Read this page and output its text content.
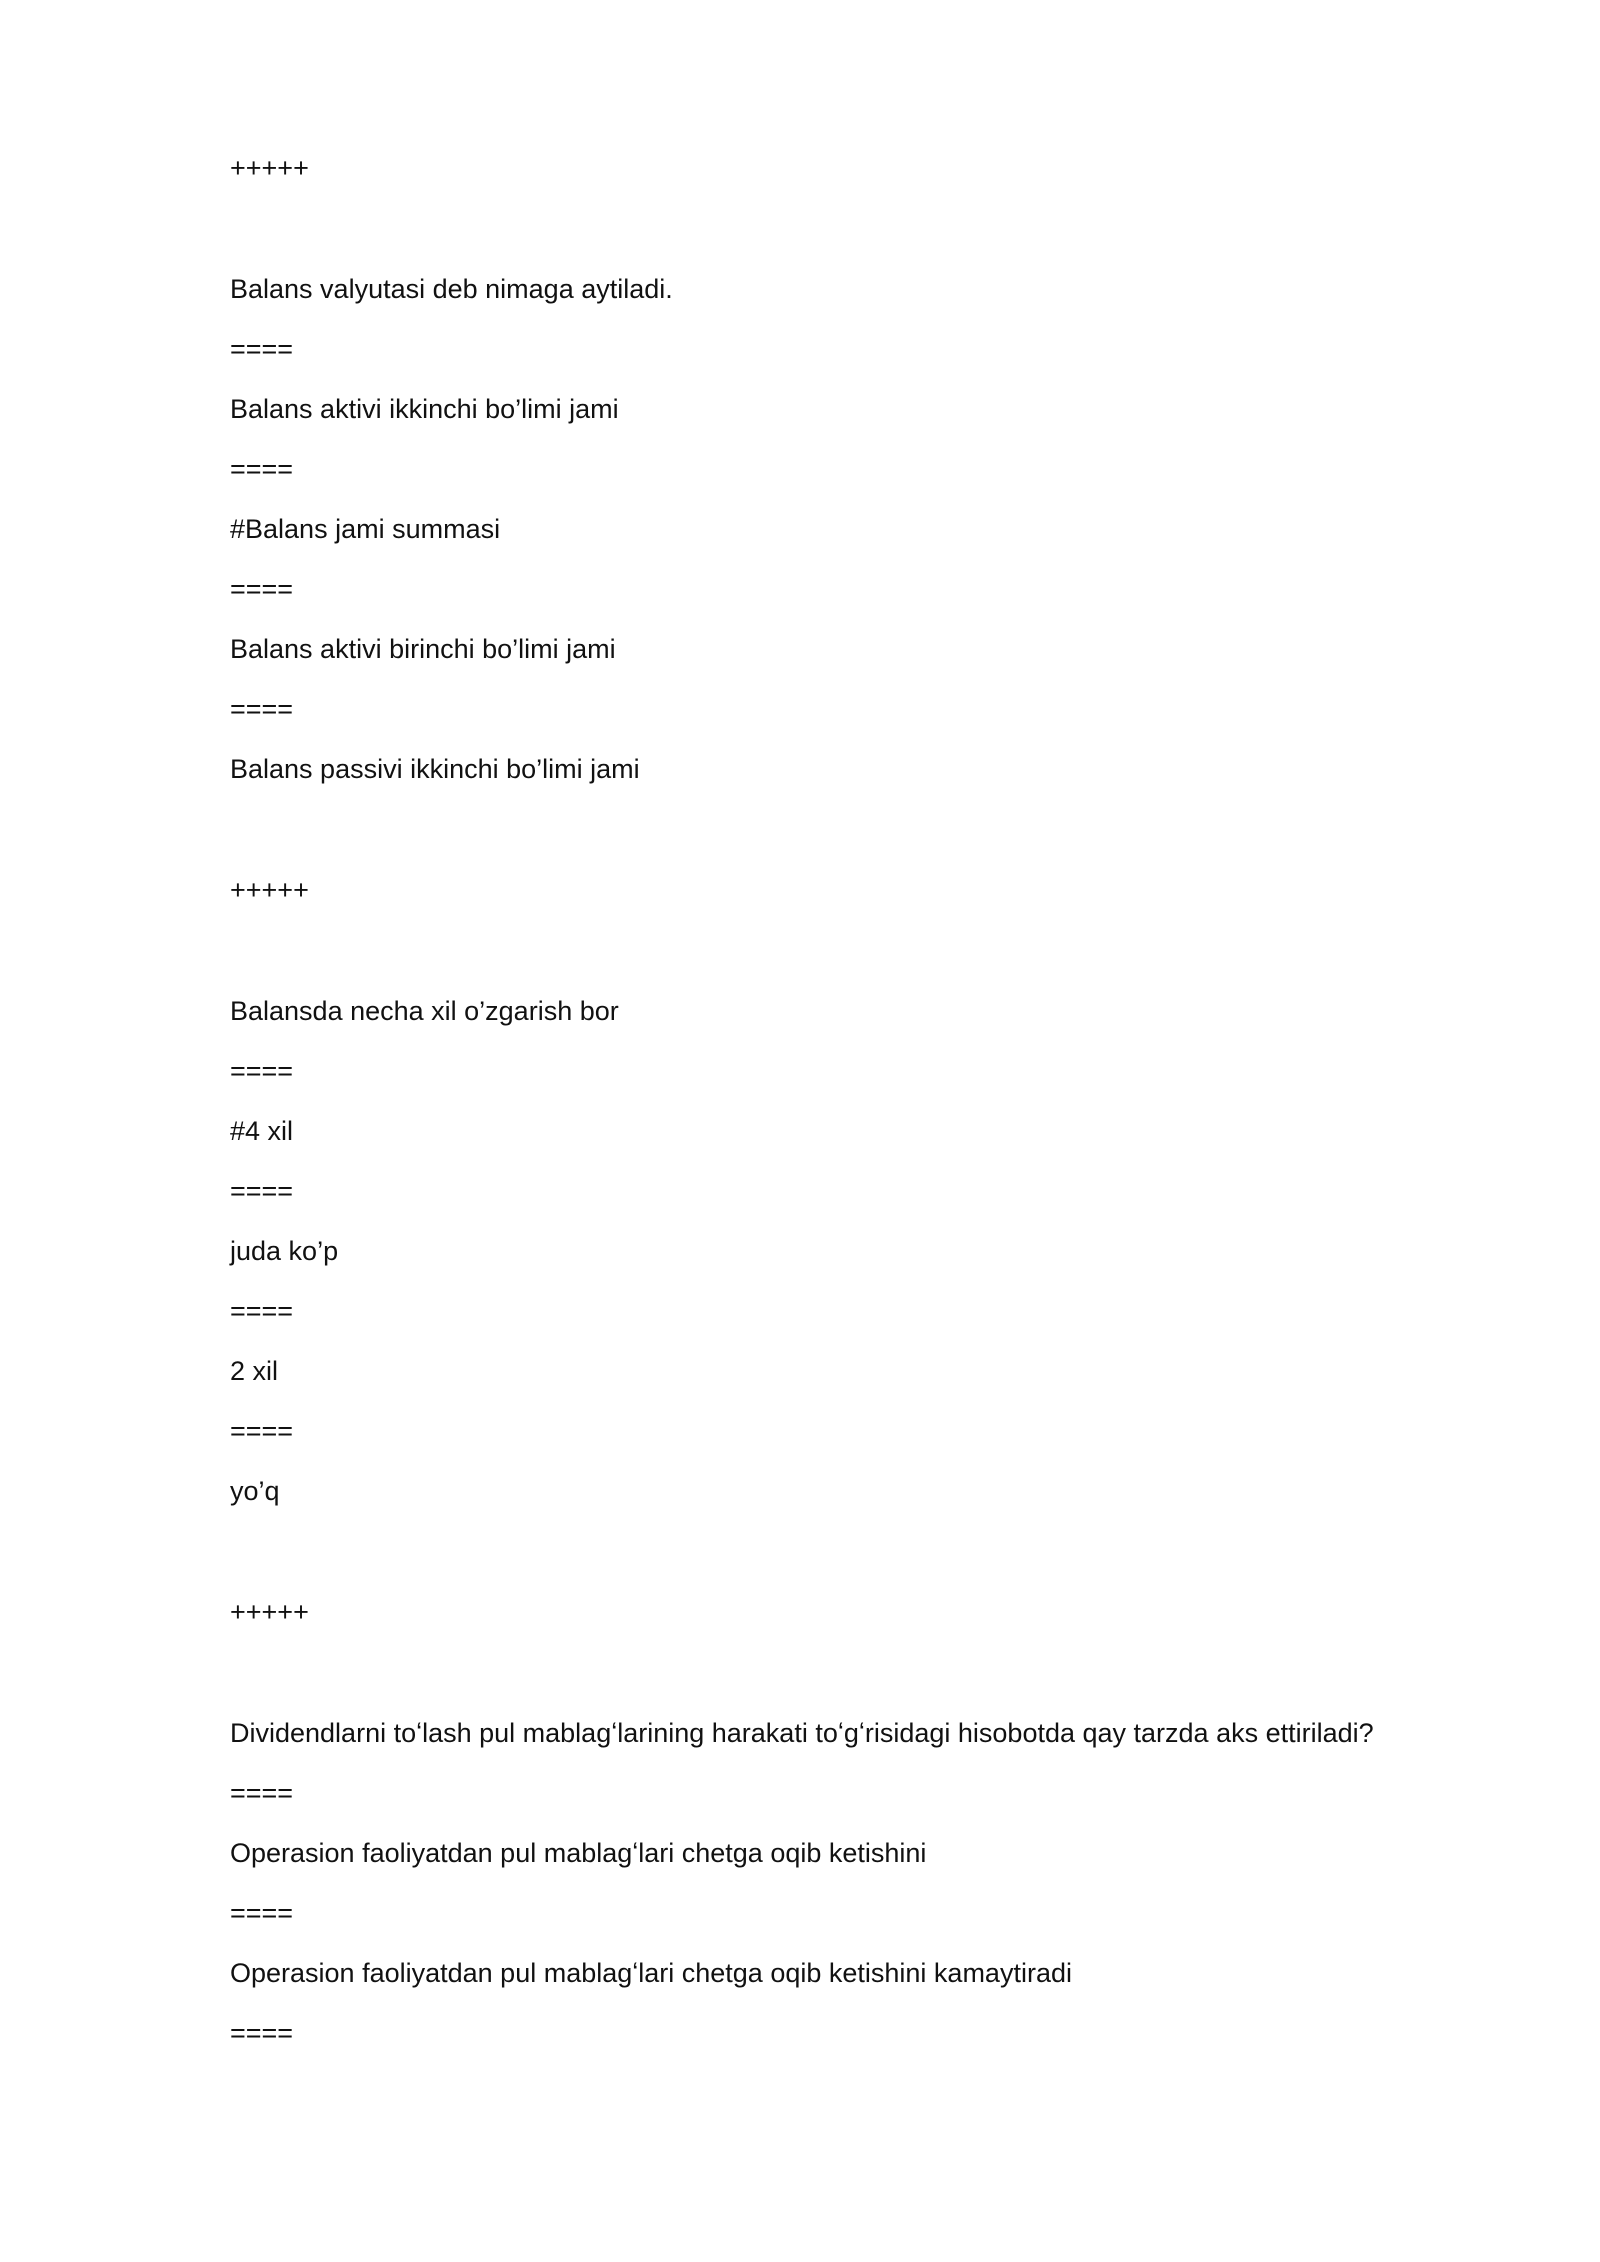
+++++
Balans valyutasi deb nimaga aytiladi.
====
Balans aktivi ikkinchi bo’limi jami
====
#Balans jami summasi
====
Balans aktivi birinchi bo’limi jami
====
Balans passivi ikkinchi bo’limi jami
+++++
Balansda necha xil o’zgarish bor
====
#4 xil
====
juda ko’p
====
2 xil
====
yo’q
+++++
Dividendlarni toʻlash pul mablagʻlarining harakati toʻgʻrisidagi hisobotda qay tarzda aks ettiriladi?
====
Operasion faoliyatdan pul mablagʻlari chetga oqib ketishini
====
Operasion faoliyatdan pul mablagʻlari chetga oqib ketishini kamaytiradi
====
